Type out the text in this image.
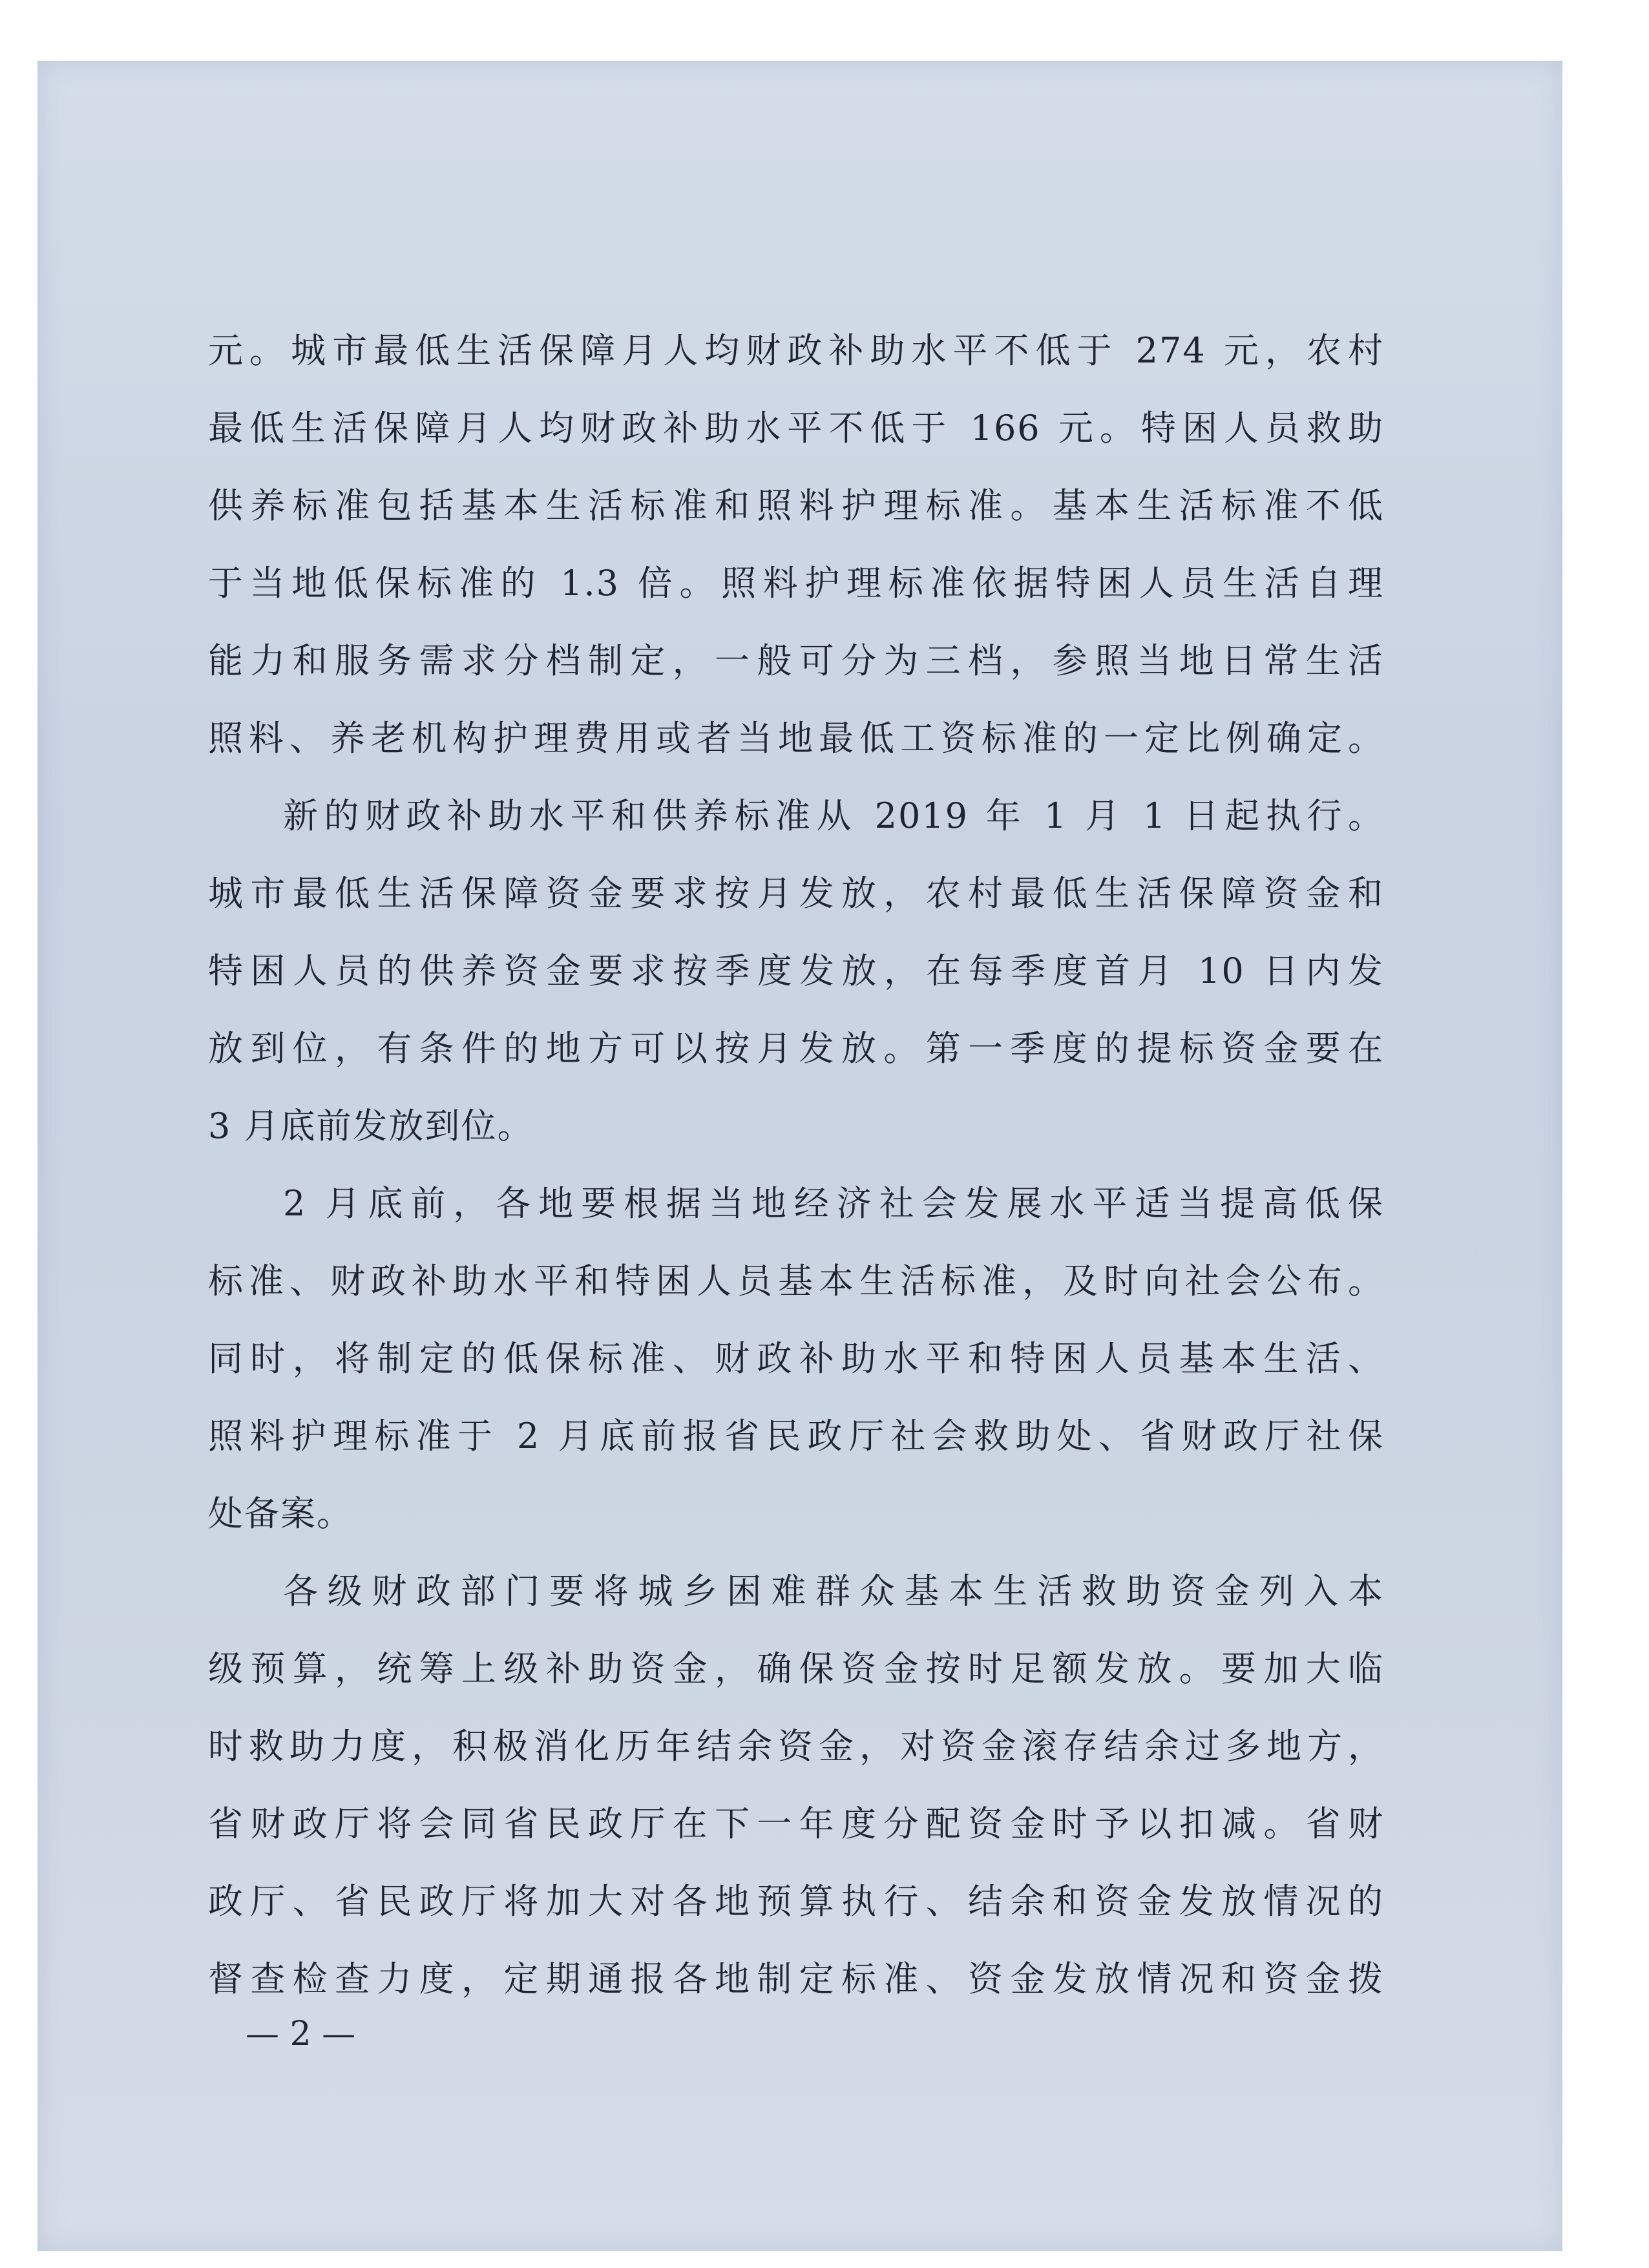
元。城市最低生活保障月人均财政补助水平不低于 274 元，农村
最低生活保障月人均财政补助水平不低于 166 元。特困人员救助
供养标准包括基本生活标准和照料护理标准。基本生活标准不低
于当地低保标准的 1.3 倍。照料护理标准依据特困人员生活自理
能力和服务需求分档制定，一般可分为三档，参照当地日常生活
照料、养老机构护理费用或者当地最低工资标准的一定比例确定。
新的财政补助水平和供养标准从 2019 年 1 月 1 日起执行。
城市最低生活保障资金要求按月发放，农村最低生活保障资金和
特困人员的供养资金要求按季度发放，在每季度首月 10 日内发
放到位，有条件的地方可以按月发放。第一季度的提标资金要在
3 月底前发放到位。
2 月底前，各地要根据当地经济社会发展水平适当提高低保
标准、财政补助水平和特困人员基本生活标准，及时向社会公布。
同时，将制定的低保标准、财政补助水平和特困人员基本生活、
照料护理标准于 2 月底前报省民政厅社会救助处、省财政厅社保
处备案。
各级财政部门要将城乡困难群众基本生活救助资金列入本
级预算，统筹上级补助资金，确保资金按时足额发放。要加大临
时救助力度，积极消化历年结余资金，对资金滚存结余过多地方，
省财政厅将会同省民政厅在下一年度分配资金时予以扣减。省财
政厅、省民政厅将加大对各地预算执行、结余和资金发放情况的
督查检查力度，定期通报各地制定标准、资金发放情况和资金拨
— 2 —
